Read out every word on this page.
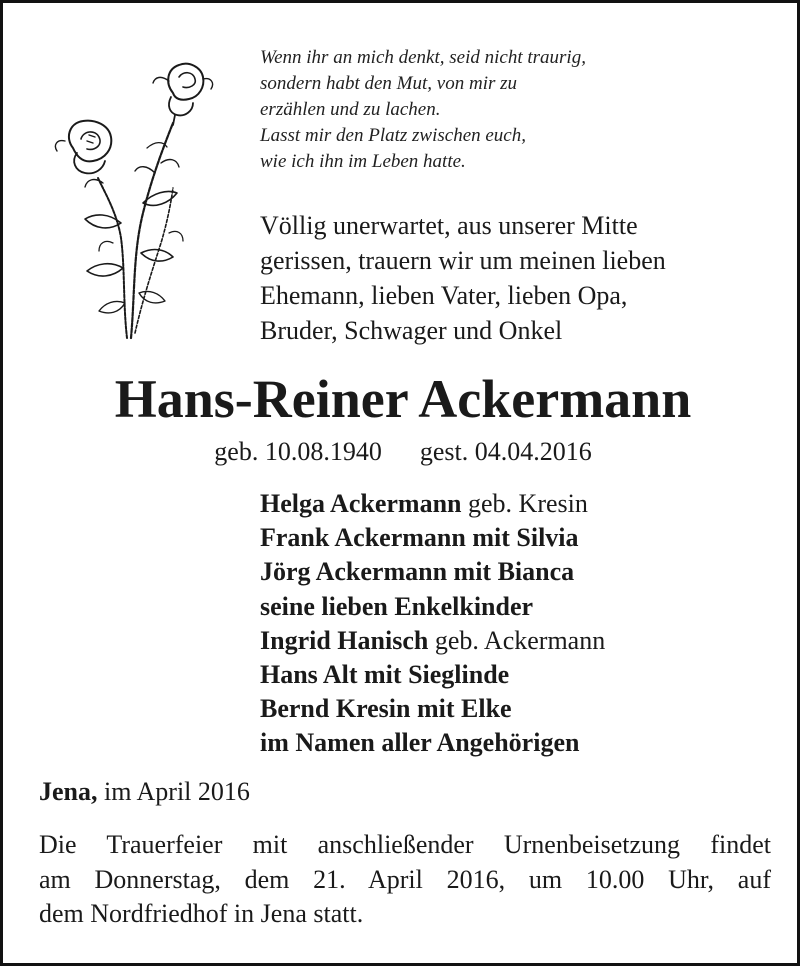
Wenn ihr an mich denkt, seid nicht traurig,
sondern habt den Mut, von mir zu
erzählen und zu lachen.
Lasst mir den Platz zwischen euch,
wie ich ihn im Leben hatte.
Völlig unerwartet, aus unserer Mitte
gerissen, trauern wir um meinen lieben
Ehemann, lieben Vater, lieben Opa,
Bruder, Schwager und Onkel
Hans-Reiner Ackermann
geb. 10.08.1940 gest. 04.04.2016
Helga Ackermann geb. Kresin
Frank Ackermann mit Silvia
Jörg Ackermann mit Bianca
seine lieben Enkelkinder
Ingrid Hanisch geb. Ackermann
Hans Alt mit Sieglinde
Bernd Kresin mit Elke
im Namen aller Angehörigen
Jena, im April 2016
Die Trauerfeier mit anschließender Urnenbeisetzung findet
am Donnerstag, dem 21. April 2016, um 10.00 Uhr, auf
dem Nordfriedhof in Jena statt.
